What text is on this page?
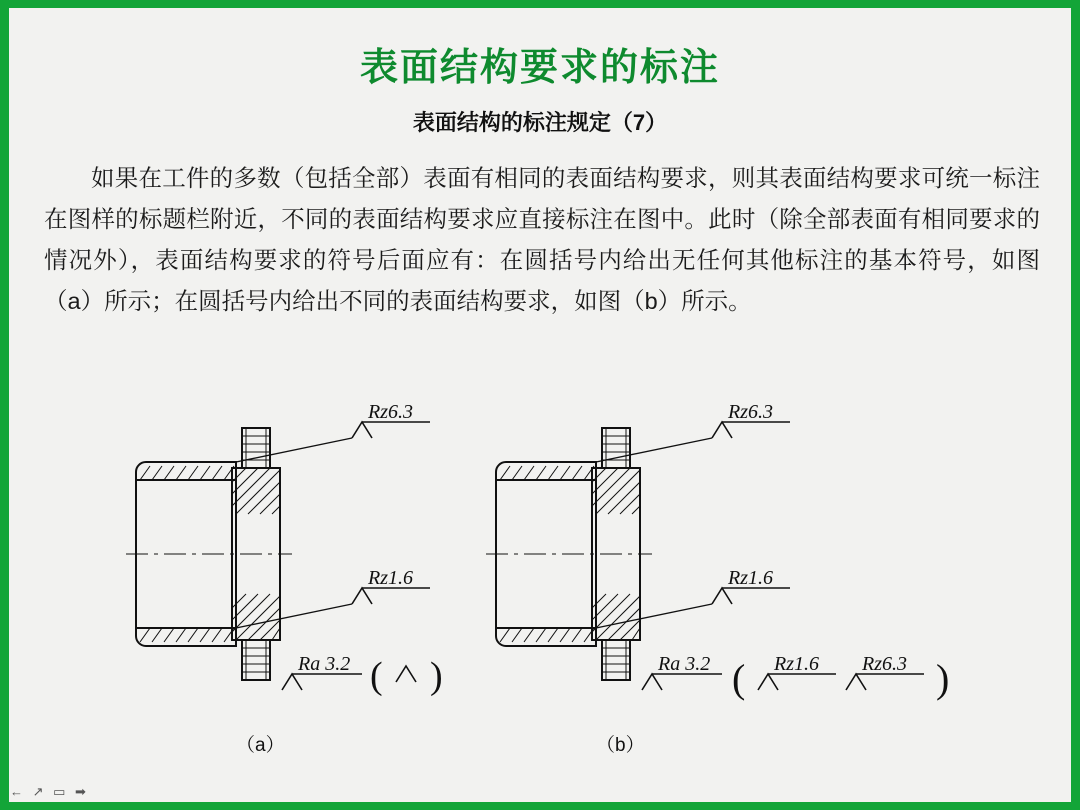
表面结构要求的标注
表面结构的标注规定（7）
如果在工件的多数（包括全部）表面有相同的表面结构要求，则其表面结构要求可统一标注在图样的标题栏附近，不同的表面结构要求应直接标注在图中。此时（除全部表面有相同要求的情况外），表面结构要求的符号后面应有：在圆括号内给出无任何其他标注的基本符号，如图（a）所示；在圆括号内给出不同的表面结构要求，如图（b）所示。
Rz6.3
Rz1.6
Ra 3.2 ( )
Rz6.3
Rz1.6
Ra 3.2 ( Rz1.6 Rz6.3 )
（a）	（b）
← ↗ ▭ ➡
